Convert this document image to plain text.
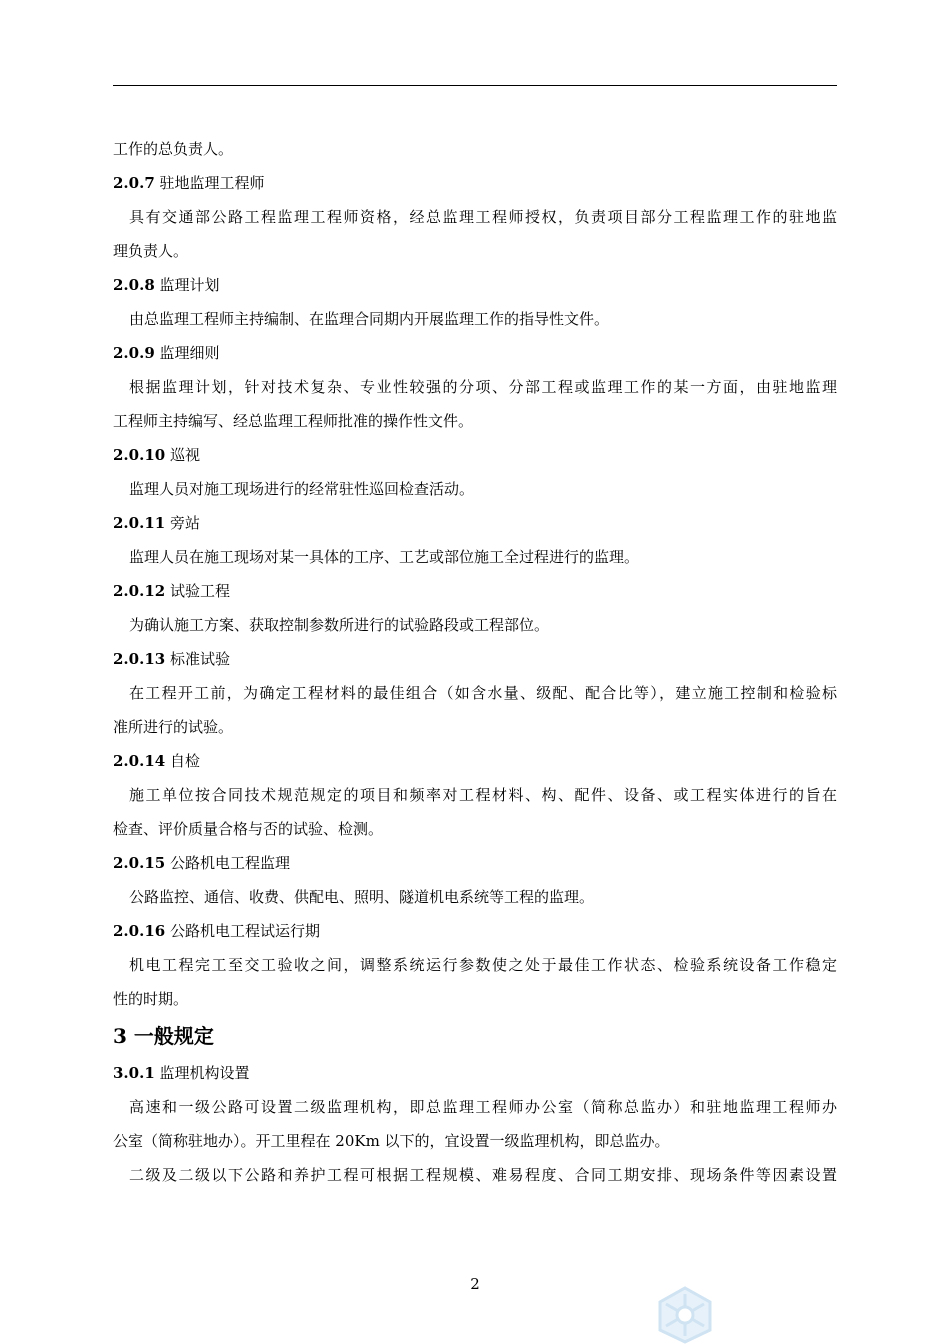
工作的总负责人。

2.0.7 驻地监理工程师

具有交通部公路工程监理工程师资格，经总监理工程师授权，负责项目部分工程监理工作的驻地监

理负责人。

2.0.8 监理计划

由总监理工程师主持编制、在监理合同期内开展监理工作的指导性文件。

2.0.9 监理细则

根据监理计划，针对技术复杂、专业性较强的分项、分部工程或监理工作的某一方面，由驻地监理

工程师主持编写、经总监理工程师批准的操作性文件。

2.0.10 巡视

监理人员对施工现场进行的经常驻性巡回检查活动。

2.0.11 旁站

监理人员在施工现场对某一具体的工序、工艺或部位施工全过程进行的监理。

2.0.12 试验工程

为确认施工方案、获取控制参数所进行的试验路段或工程部位。

2.0.13 标准试验

在工程开工前，为确定工程材料的最佳组合（如含水量、级配、配合比等），建立施工控制和检验标

准所进行的试验。

2.0.14 自检

施工单位按合同技术规范规定的项目和频率对工程材料、构、配件、设备、或工程实体进行的旨在

检查、评价质量合格与否的试验、检测。

2.0.15 公路机电工程监理

公路监控、通信、收费、供配电、照明、隧道机电系统等工程的监理。

2.0.16 公路机电工程试运行期

机电工程完工至交工验收之间，调整系统运行参数使之处于最佳工作状态、检验系统设备工作稳定

性的时期。

3 一般规定

3.0.1 监理机构设置

高速和一级公路可设置二级监理机构，即总监理工程师办公室（简称总监办）和驻地监理工程师办

公室（简称驻地办）。开工里程在 20Km 以下的，宜设置一级监理机构，即总监办。

二级及二级以下公路和养护工程可根据工程规模、难易程度、合同工期安排、现场条件等因素设置

2
